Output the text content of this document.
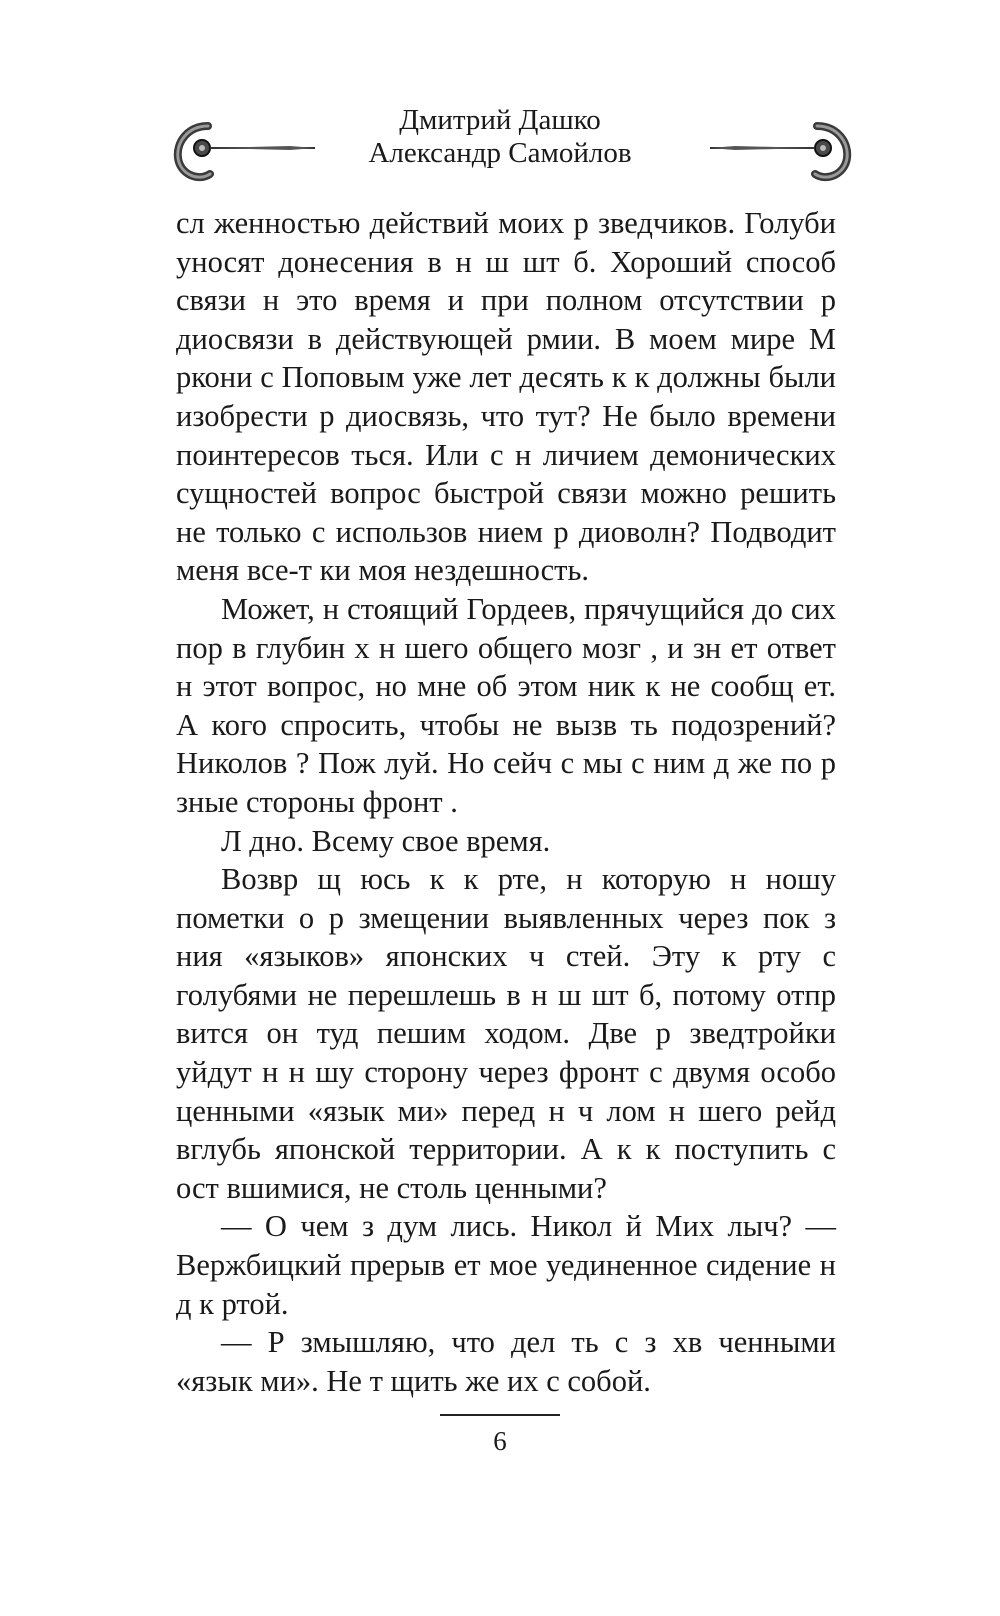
Дмитрий Дашко
Александр Самойлов

сл женностью действий моих р зведчиков. Голуби уносят донесения в н ш шт б. Хороший способ связи н это время и при полном отсутствии р диосвязи в действующей рмии. В моем мире М ркони с Поповым уже лет десять к к должны были изобрести р диосвязь, что тут? Не было времени поинтересов ться. Или с н личием демонических сущностей вопрос быстрой связи можно решить не только с использов нием р диоволн? Подводит меня все-т ки моя нездешность.

Может, н стоящий Гордеев, прячущийся до сих пор в глубин х н шего общего мозг , и зн ет ответ н этот вопрос, но мне об этом ник к не сообщ ет. А кого спросить, чтобы не вызв ть подозрений? Николов ? Пож луй. Но сейч с мы с ним д же по р зные стороны фронт .

Л дно. Всему свое время.

Возвр щ юсь к к рте, н которую н ношу пометки о р змещении выявленных через пок з ния «языков» японских ч стей. Эту к рту с голубями не перешлешь в н ш шт б, потому отпр вится он туд пешим ходом. Две р зведтройки уйдут н н шу сторону через фронт с двумя особо ценными «язык ми» перед н ч лом н шего рейд вглубь японской территории. А к к поступить с ост вшимися, не столь ценными?

— О чем з дум лись. Никол й Мих лыч? — Вержбицкий прерыв ет мое уединенное сидение н д к ртой.

— Р змышляю, что дел ть с з хв ченными «язык ми». Не т щить же их с собой.

6
